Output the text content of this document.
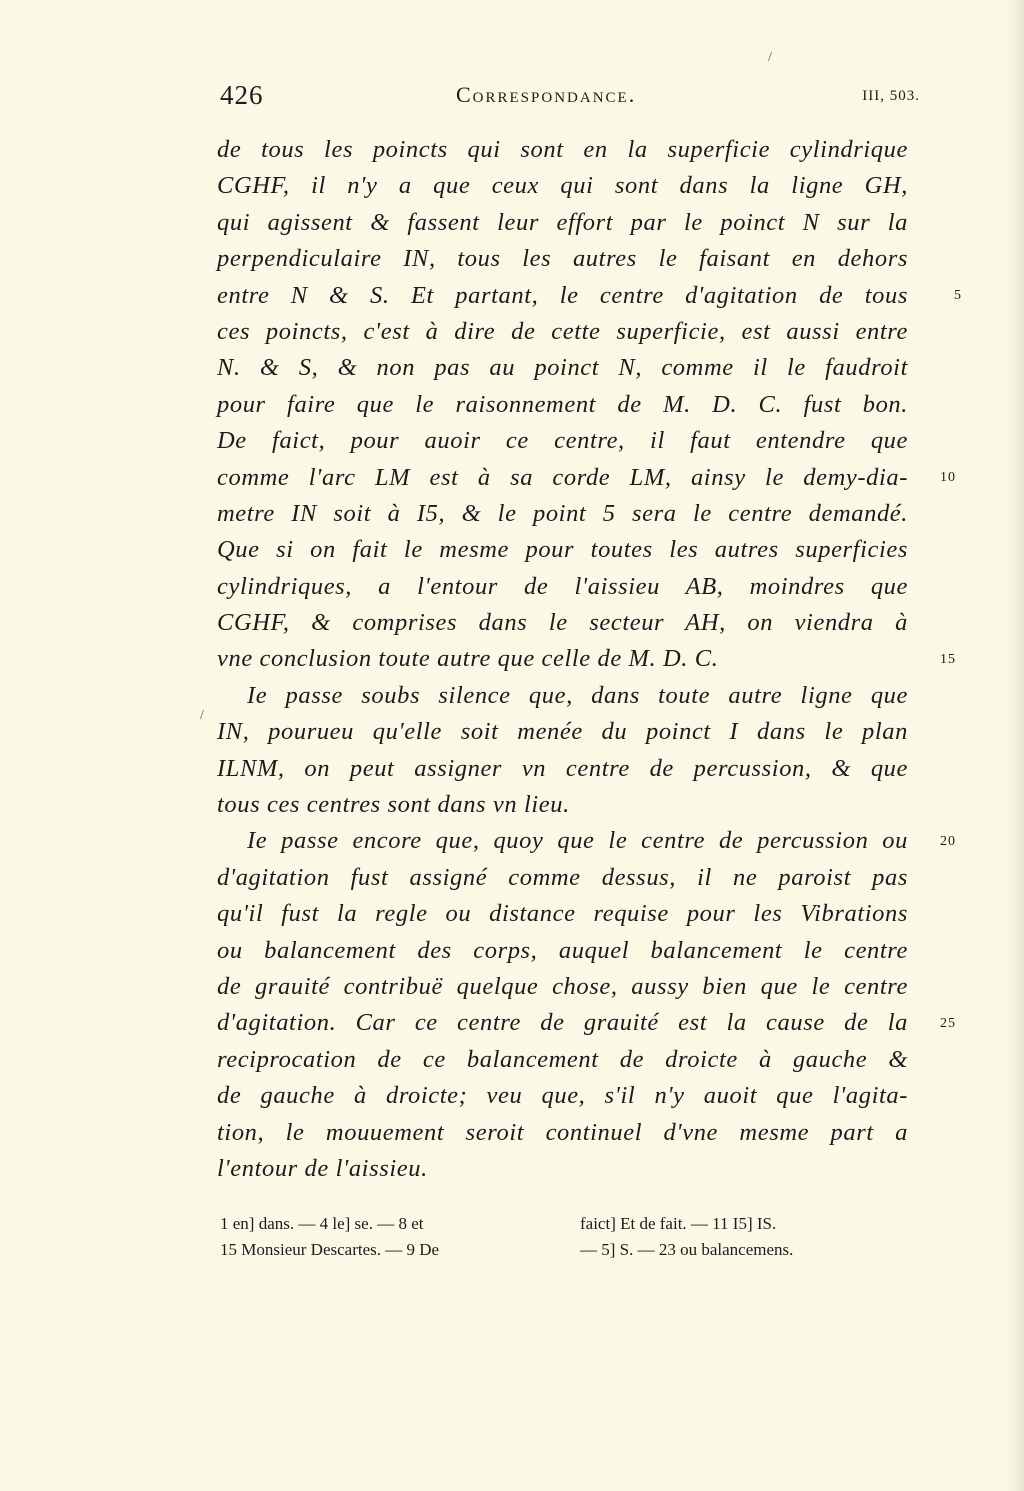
/
/
426	Correspondance.	III, 503.
de tous les poincts qui sont en la superficie cylindrique
CGHF, il n'y a que ceux qui sont dans la ligne GH,
qui agissent & fassent leur effort par le poinct N sur la
perpendiculaire IN, tous les autres le faisant en dehors
entre N & S. Et partant, le centre d'agitation de tous
ces poincts, c'est à dire de cette superficie, est aussi entre
N. & S, & non pas au poinct N, comme il le faudroit
pour faire que le raisonnement de M. D. C. fust bon.
De faict, pour auoir ce centre, il faut entendre que
comme l'arc LM est à sa corde LM, ainsy le demy-dia-
metre IN soit à I5, & le point 5 sera le centre demandé.
Que si on fait le mesme pour toutes les autres superficies
cylindriques, a l'entour de l'aissieu AB, moindres que
CGHF, & comprises dans le secteur AH, on viendra à
vne conclusion toute autre que celle de M. D. C.
Ie passe soubs silence que, dans toute autre ligne que
IN, pourueu qu'elle soit menée du poinct I dans le plan
ILNM, on peut assigner vn centre de percussion, & que
tous ces centres sont dans vn lieu.
Ie passe encore que, quoy que le centre de percussion ou
d'agitation fust assigné comme dessus, il ne paroist pas
qu'il fust la regle ou distance requise pour les Vibrations
ou balancement des corps, auquel balancement le centre
de grauité contribuë quelque chose, aussy bien que le centre
d'agitation. Car ce centre de grauité est la cause de la
reciprocation de ce balancement de droicte à gauche &
de gauche à droicte; veu que, s'il n'y auoit que l'agita-
tion, le mouuement seroit continuel d'vne mesme part a
l'entour de l'aissieu.
5
10
15
20
25
1 en] dans. — 4 le] se. — 8 et	faict] Et de fait. — 11 I5] IS.
15 Monsieur Descartes. — 9 De	— 5] S. — 23 ou balancemens.
